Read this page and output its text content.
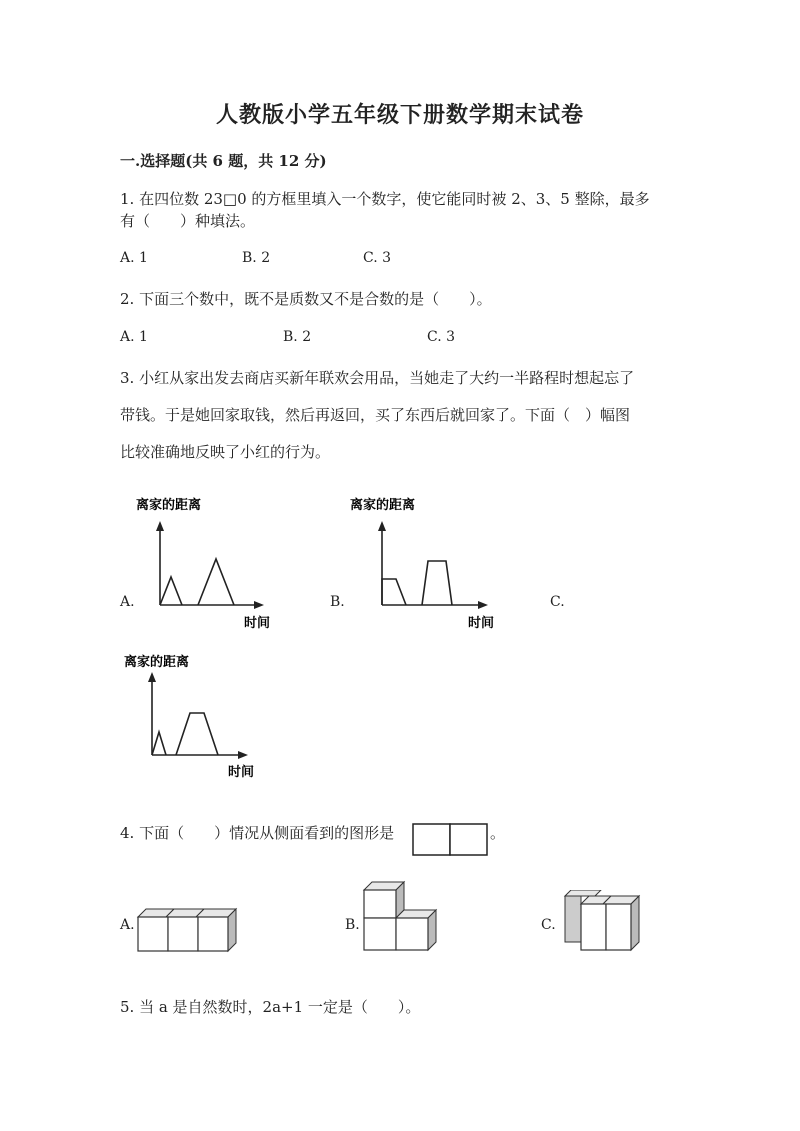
人教版小学五年级下册数学期末试卷
一.选择题(共 6 题，共 12 分)
1. 在四位数 23□0 的方框里填入一个数字，使它能同时被 2、3、5 整除，最多
有（　　）种填法。
A. 1	B. 2	C. 3
2. 下面三个数中，既不是质数又不是合数的是（　　）。
A. 1	B. 2	C. 3
3. 小红从家出发去商店买新年联欢会用品，当她走了大约一半路程时想起忘了
带钱。于是她回家取钱，然后再返回，买了东西后就回家了。下面（　）幅图
比较准确地反映了小红的行为。
A.	B.	C.
离家的距离
时间
离家的距离
时间
离家的距离
时间
4. 下面（　　）情况从侧面看到的图形是	。
A.	B.	C.
5. 当 a 是自然数时，2a+1 一定是（　　）。
